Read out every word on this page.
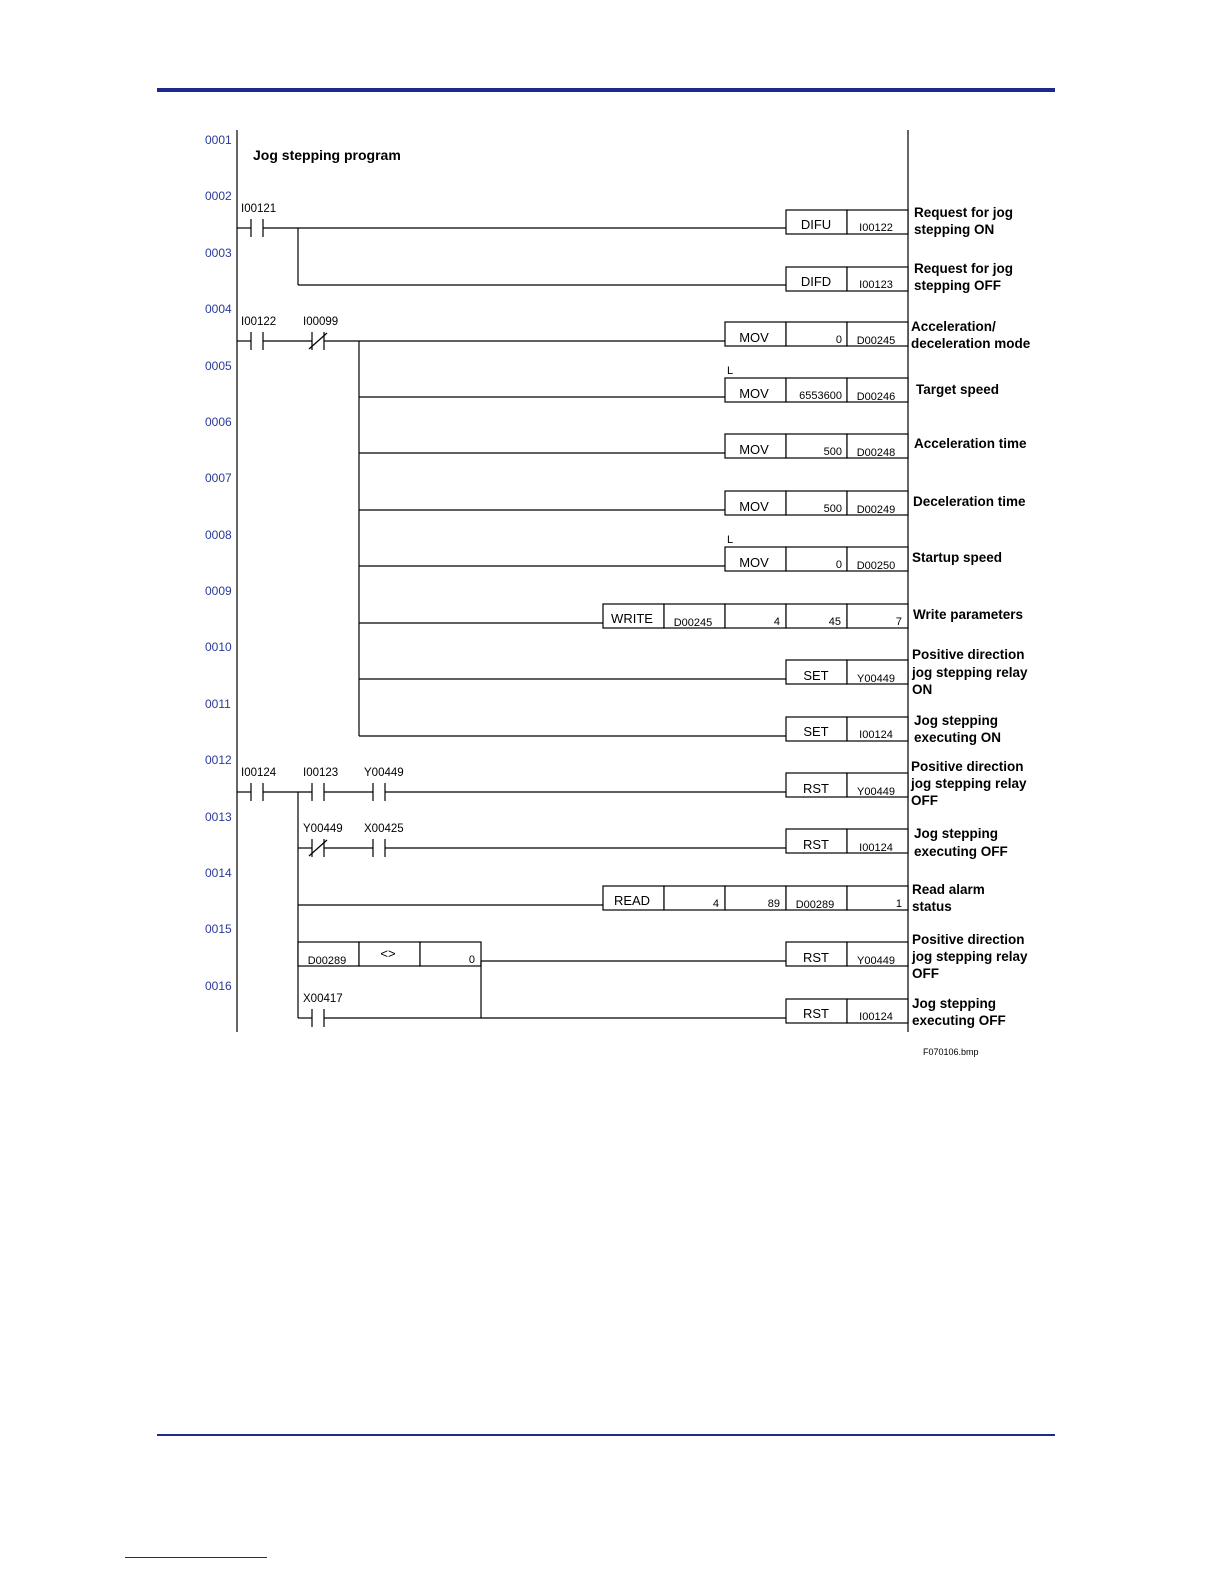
0001
0002
0003
0004
0005
0006
0007
0008
0009
0010
0011
0012
0013
0014
0015
0016
Jog stepping program
I00121
DIFU	I00122
Request for jog
stepping ON
DIFD	I00123
Request for jog
stepping OFF
I00122 I00099
MOV	0 D00245
Acceleration/
deceleration mode
L
MOV	6553600 D00246 Target speed
MOV	500 D00248
Acceleration time
MOV	500 D00249
Deceleration time
L
MOV	0 D00250
Startup speed
WRITE D00245	4	45	7 Write parameters
SET	Y00449
Positive direction
jog stepping relay
ON
SET	I00124
Jog stepping
executing ON
I00124 I00123 Y00449
RST	Y00449
Positive direction
jog stepping relay
OFF
Y00449 X00425
RST	I00124
Jog stepping
executing OFF
READ	4	89 D00289	1
Read alarm
status
D00289	<>	0	RST	Y00449
Positive direction
jog stepping relay
OFF
X00417
RST	I00124
Jog stepping
executing OFF
F070106.bmp
